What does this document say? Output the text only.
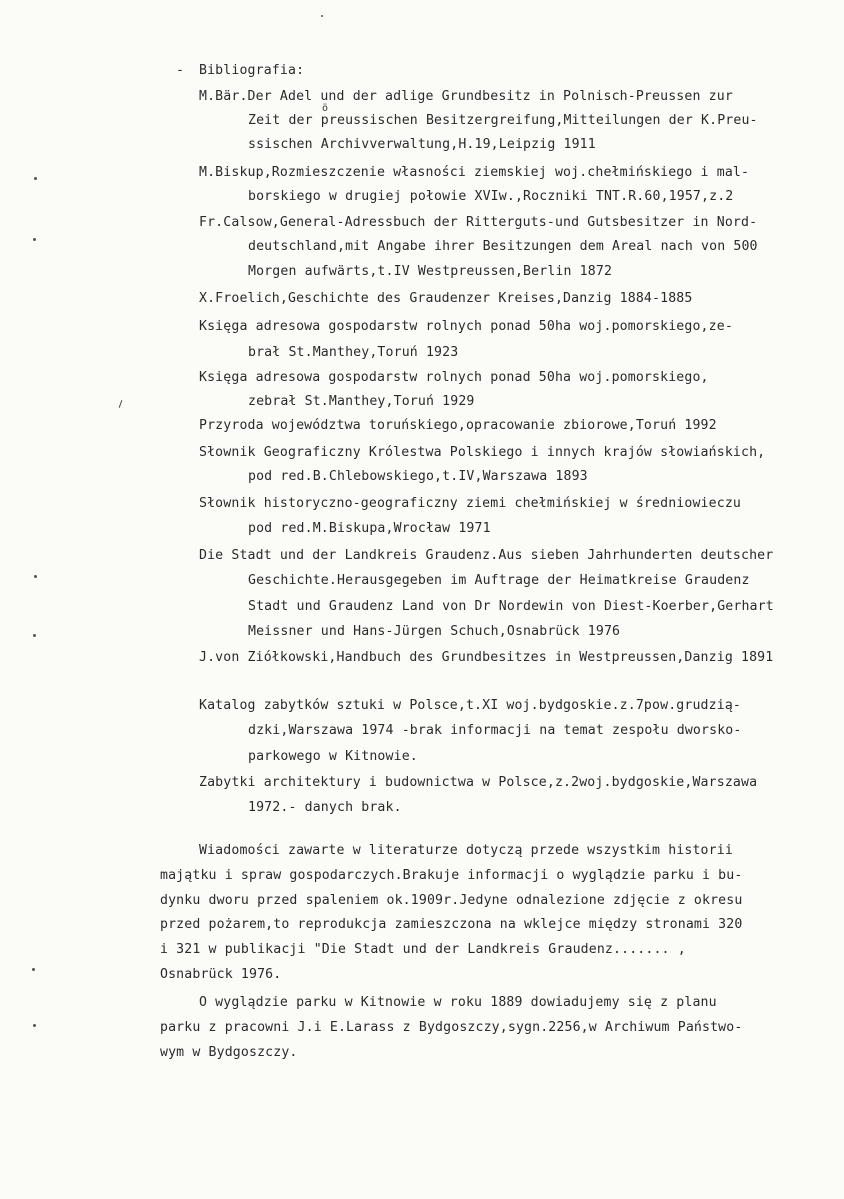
- Bibliografia:
ö
M.Bär.Der Adel und der adlige Grundbesitz in Polnisch-Preussen zur
Zeit der preussischen Besitzergreifung,Mitteilungen der K.Preu-
ssischen Archivverwaltung,H.19,Leipzig 1911
M.Biskup,Rozmieszczenie własności ziemskiej woj.chełmińskiego i mal-
borskiego w drugiej połowie XVIw.,Roczniki TNT.R.60,1957,z.2
Fr.Calsow,General-Adressbuch der Ritterguts-und Gutsbesitzer in Nord-
deutschland,mit Angabe ihrer Besitzungen dem Areal nach von 500
Morgen aufwärts,t.IV Westpreussen,Berlin 1872
X.Froelich,Geschichte des Graudenzer Kreises,Danzig 1884-1885
Księga adresowa gospodarstw rolnych ponad 50ha woj.pomorskiego,ze-
brał St.Manthey,Toruń 1923
Księga adresowa gospodarstw rolnych ponad 50ha woj.pomorskiego,
zebrał St.Manthey,Toruń 1929
Przyroda województwa toruńskiego,opracowanie zbiorowe,Toruń 1992
Słownik Geograficzny Królestwa Polskiego i innych krajów słowiańskich,
pod red.B.Chlebowskiego,t.IV,Warszawa 1893
Słownik historyczno-geograficzny ziemi chełmińskiej w średniowieczu
pod red.M.Biskupa,Wrocław 1971
Die Stadt und der Landkreis Graudenz.Aus sieben Jahrhunderten deutscher
Geschichte.Herausgegeben im Auftrage der Heimatkreise Graudenz
Stadt und Graudenz Land von Dr Nordewin von Diest-Koerber,Gerhart
Meissner und Hans-Jürgen Schuch,Osnabrück 1976
J.von Ziółkowski,Handbuch des Grundbesitzes in Westpreussen,Danzig 1891
Katalog zabytków sztuki w Polsce,t.XI woj.bydgoskie.z.7pow.grudzią-
dzki,Warszawa 1974 -brak informacji na temat zespołu dworsko-
parkowego w Kitnowie.
Zabytki architektury i budownictwa w Polsce,z.2woj.bydgoskie,Warszawa
1972.- danych brak.
Wiadomości zawarte w literaturze dotyczą przede wszystkim historii
majątku i spraw gospodarczych.Brakuje informacji o wyglądzie parku i bu-
dynku dworu przed spaleniem ok.1909r.Jedyne odnalezione zdjęcie z okresu
przed pożarem,to reprodukcja zamieszczona na wklejce między stronami 320
i 321 w publikacji "Die Stadt und der Landkreis Graudenz....... ,
Osnabrück 1976.
O wyglądzie parku w Kitnowie w roku 1889 dowiadujemy się z planu
parku z pracowni J.i E.Larass z Bydgoszczy,sygn.2256,w Archiwum Państwo-
wym w Bydgoszczy.
